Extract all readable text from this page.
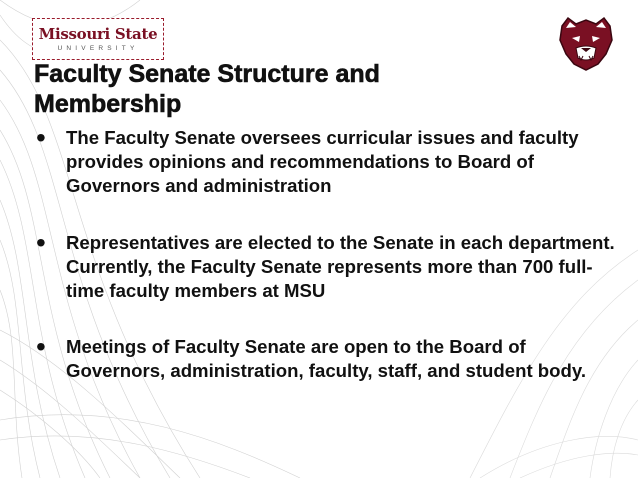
Missouri State
UNIVERSITY
Faculty Senate Structure and Membership
• The Faculty Senate oversees curricular issues and faculty provides opinions and recommendations to Board of Governors and administration
• Representatives are elected to the Senate in each department. Currently, the Faculty Senate represents more than 700 full-time faculty members at MSU
• Meetings of Faculty Senate are open to the Board of Governors, administration, faculty, staff, and student body.
